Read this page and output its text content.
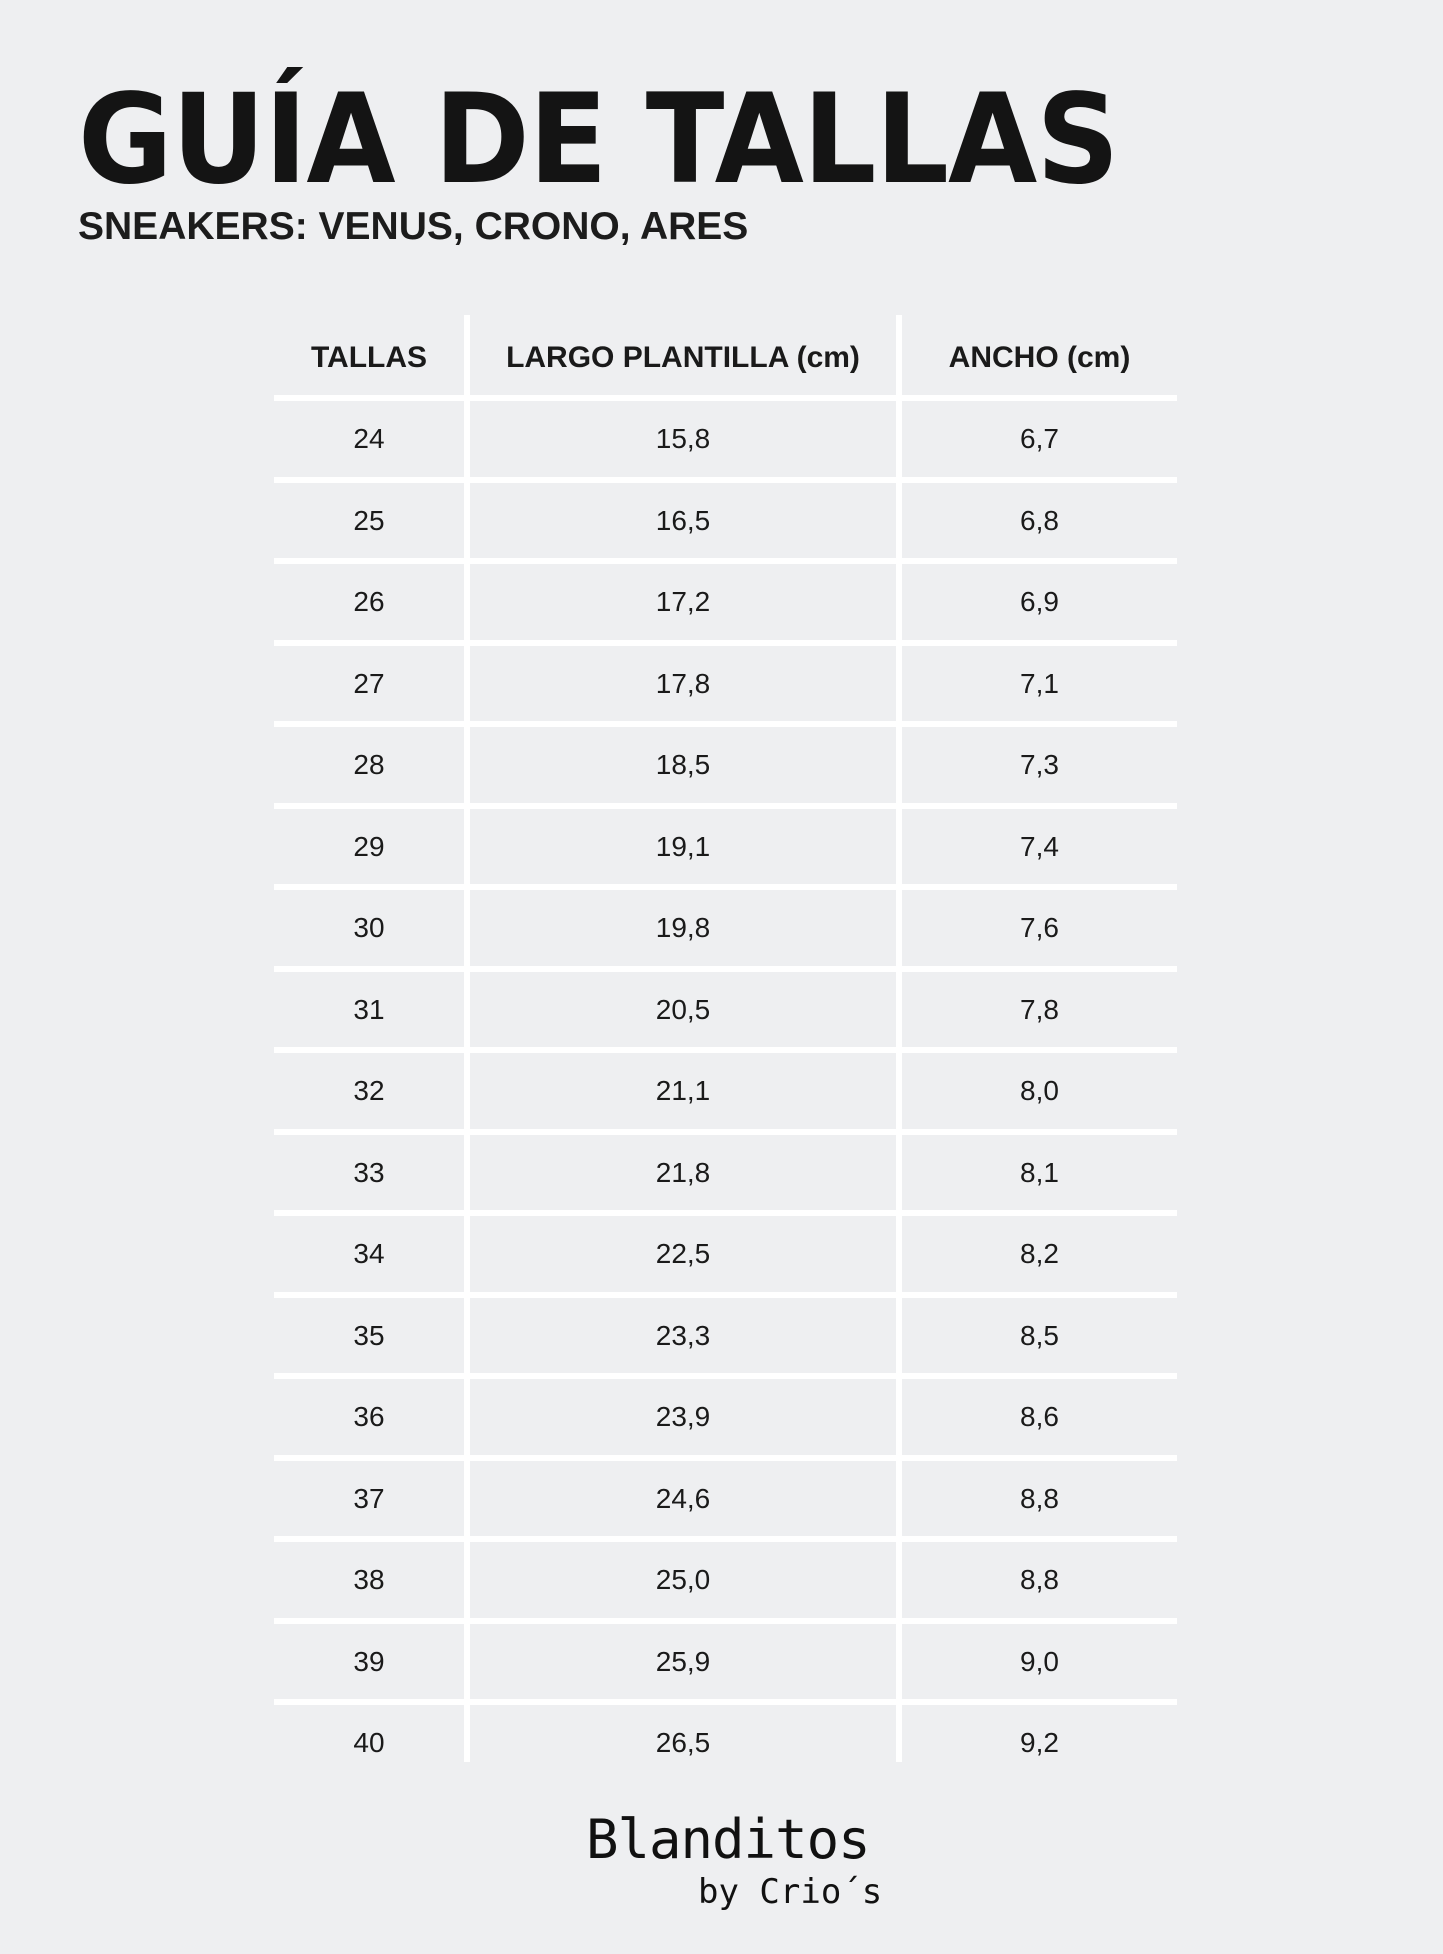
GUÍA DE TALLAS
SNEAKERS: VENUS, CRONO, ARES
TALLAS	LARGO PLANTILLA (cm)	ANCHO (cm)
24	15,8	6,7
25	16,5	6,8
26	17,2	6,9
27	17,8	7,1
28	18,5	7,3
29	19,1	7,4
30	19,8	7,6
31	20,5	7,8
32	21,1	8,0
33	21,8	8,1
34	22,5	8,2
35	23,3	8,5
36	23,9	8,6
37	24,6	8,8
38	25,0	8,8
39	25,9	9,0
40	26,5	9,2
Blanditos
by Crio´s
